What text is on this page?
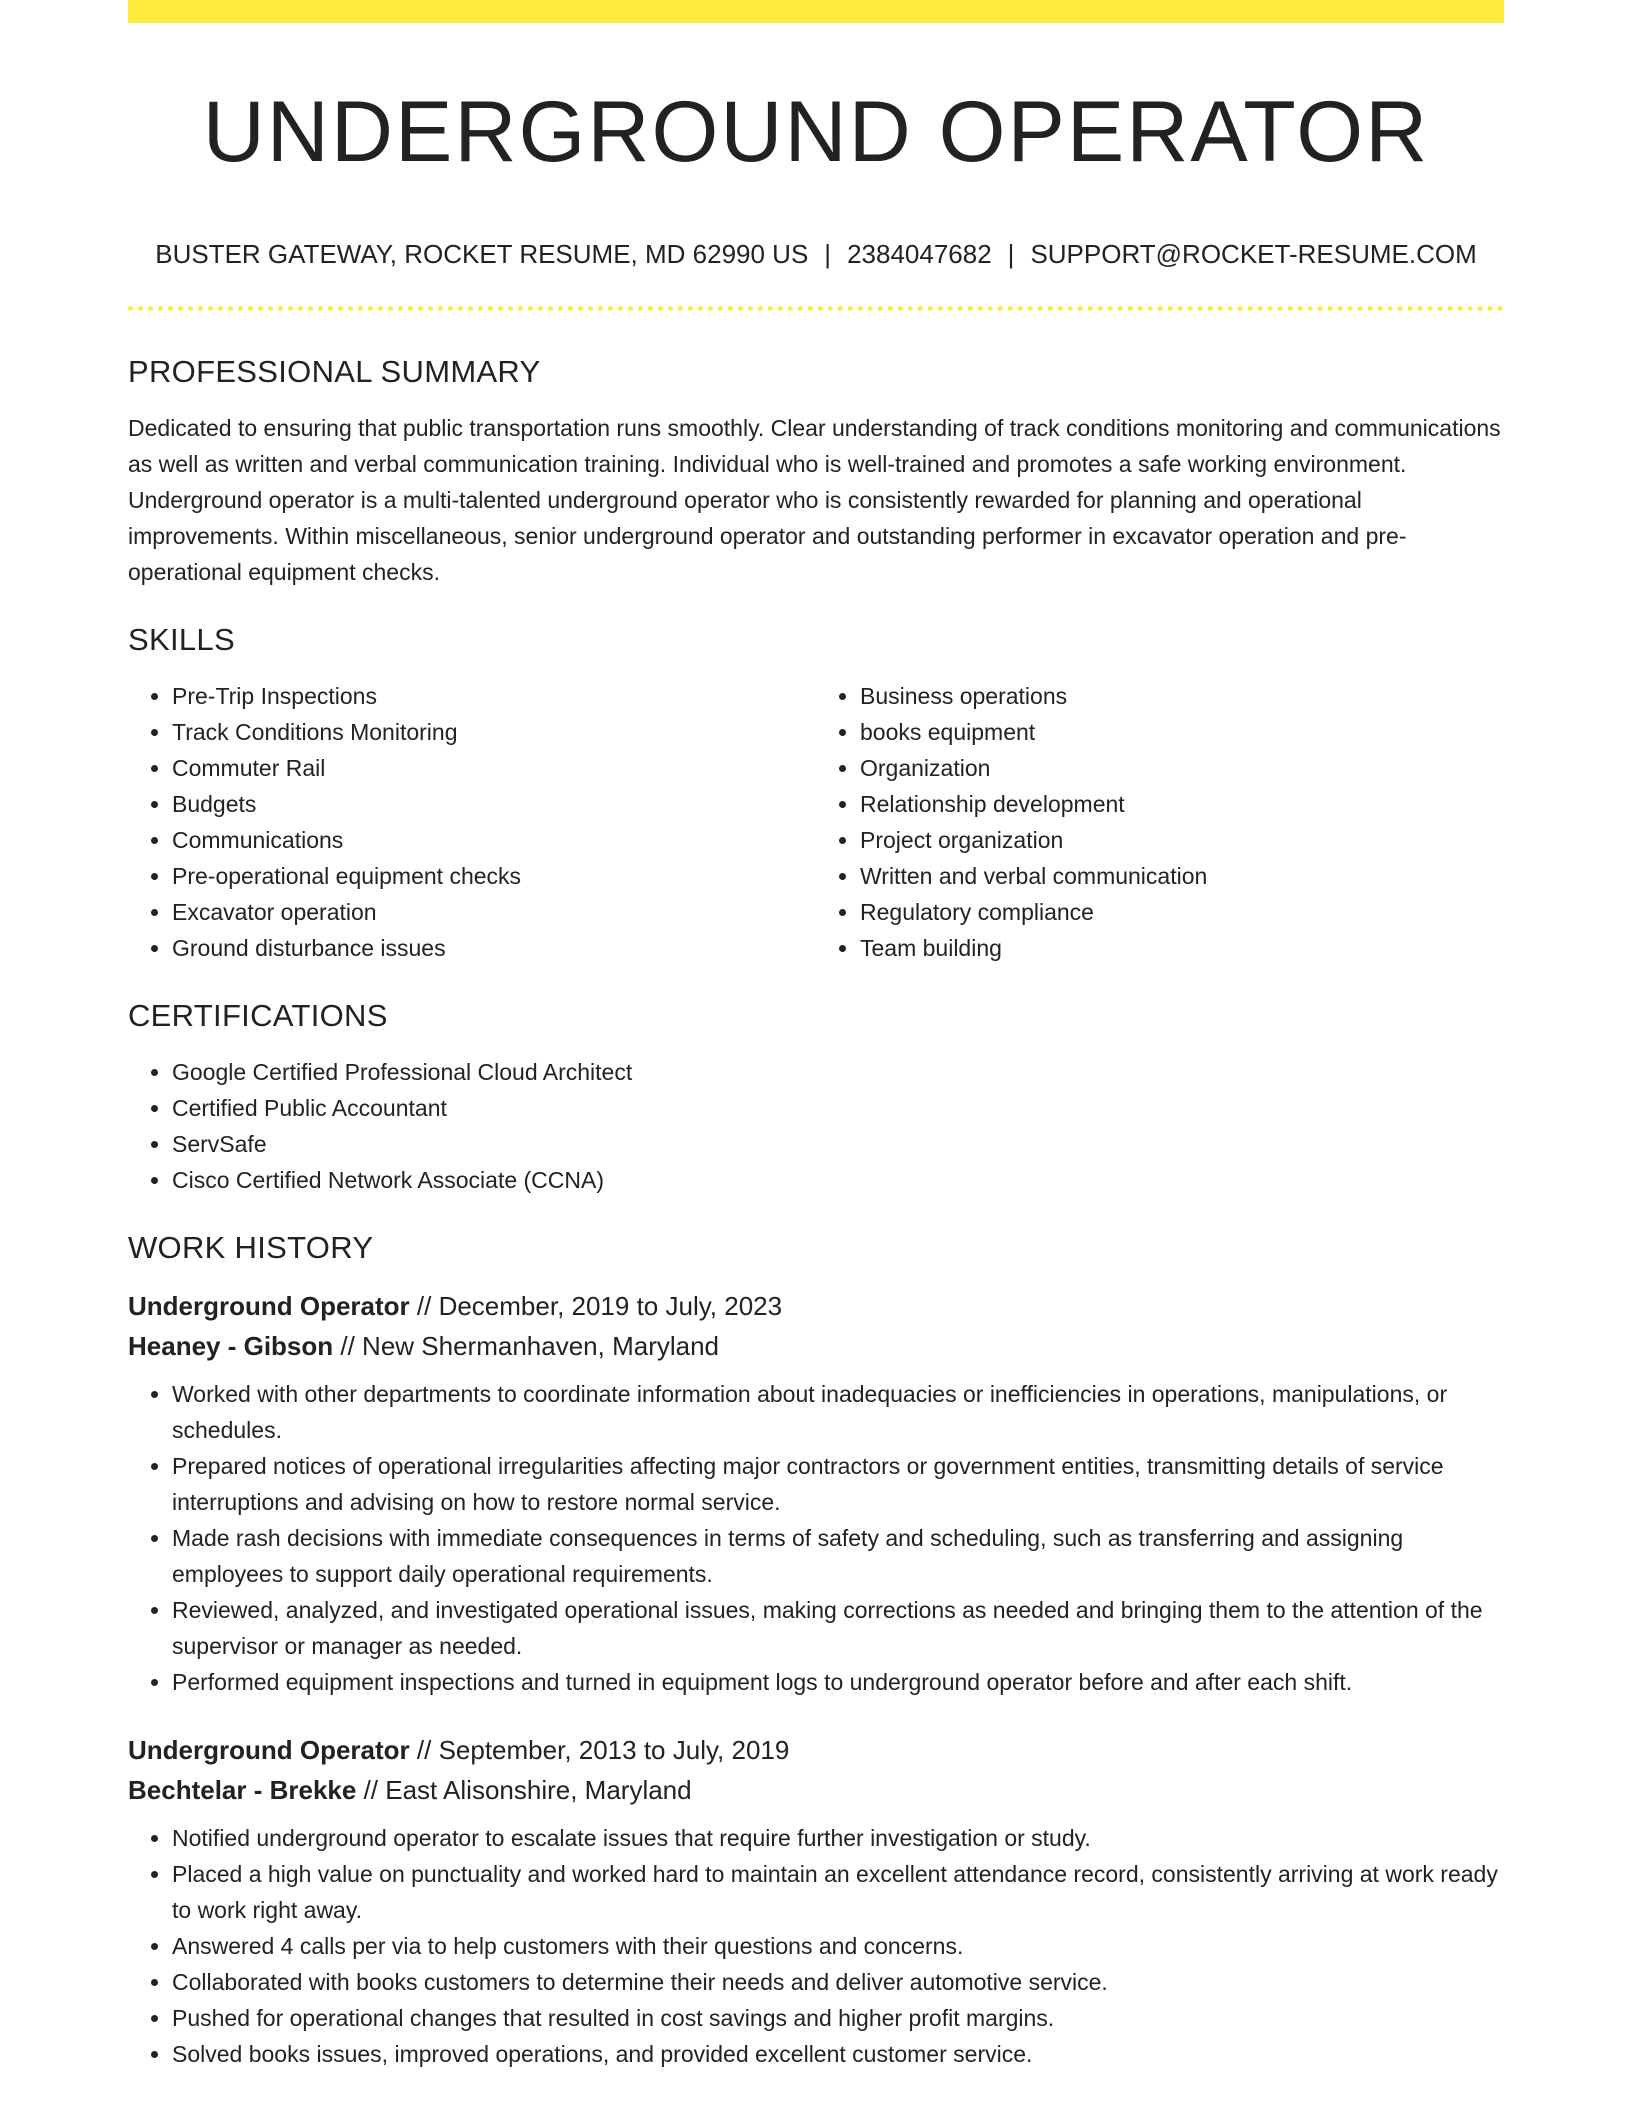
UNDERGROUND OPERATOR
BUSTER GATEWAY, ROCKET RESUME, MD 62990 US | 2384047682 | SUPPORT@ROCKET-RESUME.COM
PROFESSIONAL SUMMARY

Dedicated to ensuring that public transportation runs smoothly. Clear understanding of track conditions monitoring and communications as well as written and verbal communication training. Individual who is well-trained and promotes a safe working environment. Underground operator is a multi-talented underground operator who is consistently rewarded for planning and operational improvements. Within miscellaneous, senior underground operator and outstanding performer in excavator operation and pre-operational equipment checks.

SKILLS
• Pre-Trip Inspections
• Track Conditions Monitoring
• Commuter Rail
• Budgets
• Communications
• Pre-operational equipment checks
• Excavator operation
• Ground disturbance issues
• Business operations
• books equipment
• Organization
• Relationship development
• Project organization
• Written and verbal communication
• Regulatory compliance
• Team building
CERTIFICATIONS
• Google Certified Professional Cloud Architect
• Certified Public Accountant
• ServSafe
• Cisco Certified Network Associate (CCNA)
WORK HISTORY
Underground Operator // December, 2019 to July, 2023
Heaney - Gibson // New Shermanhaven, Maryland
• Worked with other departments to coordinate information about inadequacies or inefficiencies in operations, manipulations, or schedules.
• Prepared notices of operational irregularities affecting major contractors or government entities, transmitting details of service interruptions and advising on how to restore normal service.
• Made rash decisions with immediate consequences in terms of safety and scheduling, such as transferring and assigning employees to support daily operational requirements.
• Reviewed, analyzed, and investigated operational issues, making corrections as needed and bringing them to the attention of the supervisor or manager as needed.
• Performed equipment inspections and turned in equipment logs to underground operator before and after each shift.
Underground Operator // September, 2013 to July, 2019
Bechtelar - Brekke // East Alisonshire, Maryland
• Notified underground operator to escalate issues that require further investigation or study.
• Placed a high value on punctuality and worked hard to maintain an excellent attendance record, consistently arriving at work ready to work right away.
• Answered 4 calls per via to help customers with their questions and concerns.
• Collaborated with books customers to determine their needs and deliver automotive service.
• Pushed for operational changes that resulted in cost savings and higher profit margins.
• Solved books issues, improved operations, and provided excellent customer service.
